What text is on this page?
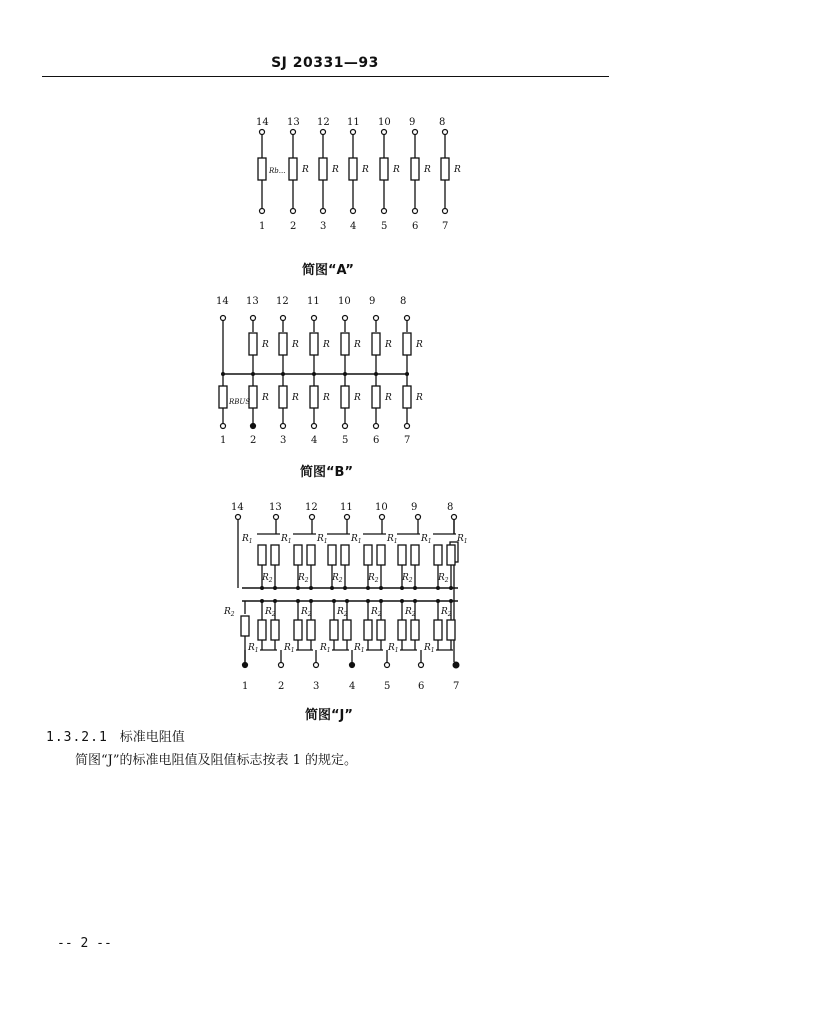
SJ 20331—93
14
1
13
2
12
3
11
4
10
5
9
6
8
7
Rb... R	R	R	R	R	R
简图“A”
14 13 12 11 10 9 8
1
R
2
R
R
3
R
R
4
R
R
5
R
R
6
R
R
7
R
RBUS
简图“B”
14	13 12 11 10 9	8
$R_1$
$R_2$
$R_1$
$R_2$
$R_1$
$R_2$
$R_1$
$R_2$
$R_1$
$R_2$
$R_1$
$R_2$
$R_1$
$R_2$	$R_2$
$R_1$
$R_2$
$R_1$
$R_2$
$R_1$
$R_2$
$R_1$
$R_2$
$R_1$
$R_2$
$R_1$
1	2	3	4	5	6	7
简图“J”
1.3.2.1 标准电阻值
简图“J”的标准电阻值及阻值标志按表 1 的规定。
-- 2 --
